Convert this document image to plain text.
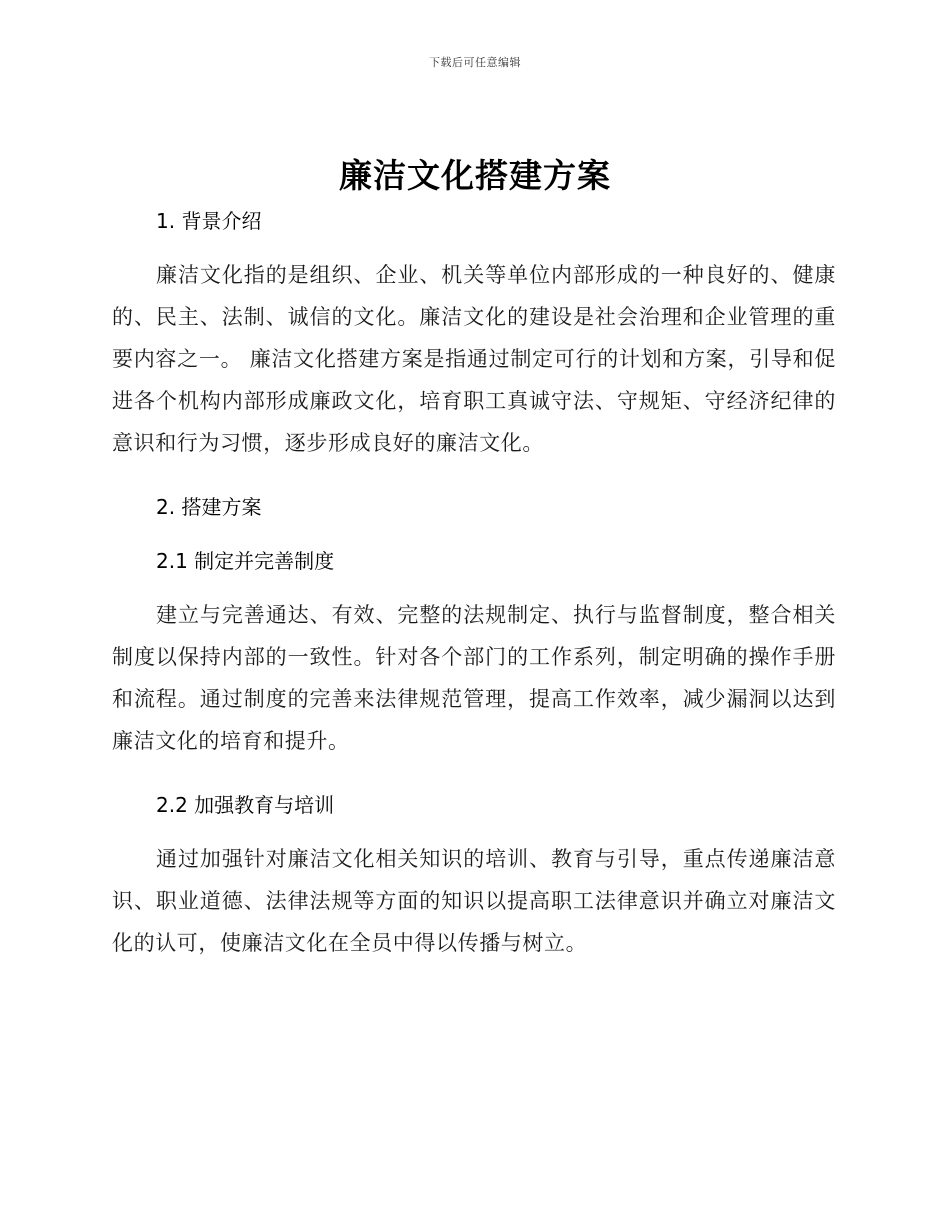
下载后可任意编辑
廉洁文化搭建方案
1. 背景介绍

廉洁文化指的是组织、企业、机关等单位内部形成的一种良好的、健康的、民主、法制、诚信的文化。廉洁文化的建设是社会治理和企业管理的重要内容之一。 廉洁文化搭建方案是指通过制定可行的计划和方案，引导和促进各个机构内部形成廉政文化，培育职工真诚守法、守规矩、守经济纪律的意识和行为习惯，逐步形成良好的廉洁文化。

2. 搭建方案
2.1 制定并完善制度

建立与完善通达、有效、完整的法规制定、执行与监督制度，整合相关制度以保持内部的一致性。针对各个部门的工作系列，制定明确的操作手册和流程。通过制度的完善来法律规范管理，提高工作效率，减少漏洞以达到廉洁文化的培育和提升。

2.2 加强教育与培训

通过加强针对廉洁文化相关知识的培训、教育与引导，重点传递廉洁意识、职业道德、法律法规等方面的知识以提高职工法律意识并确立对廉洁文化的认可，使廉洁文化在全员中得以传播与树立。
